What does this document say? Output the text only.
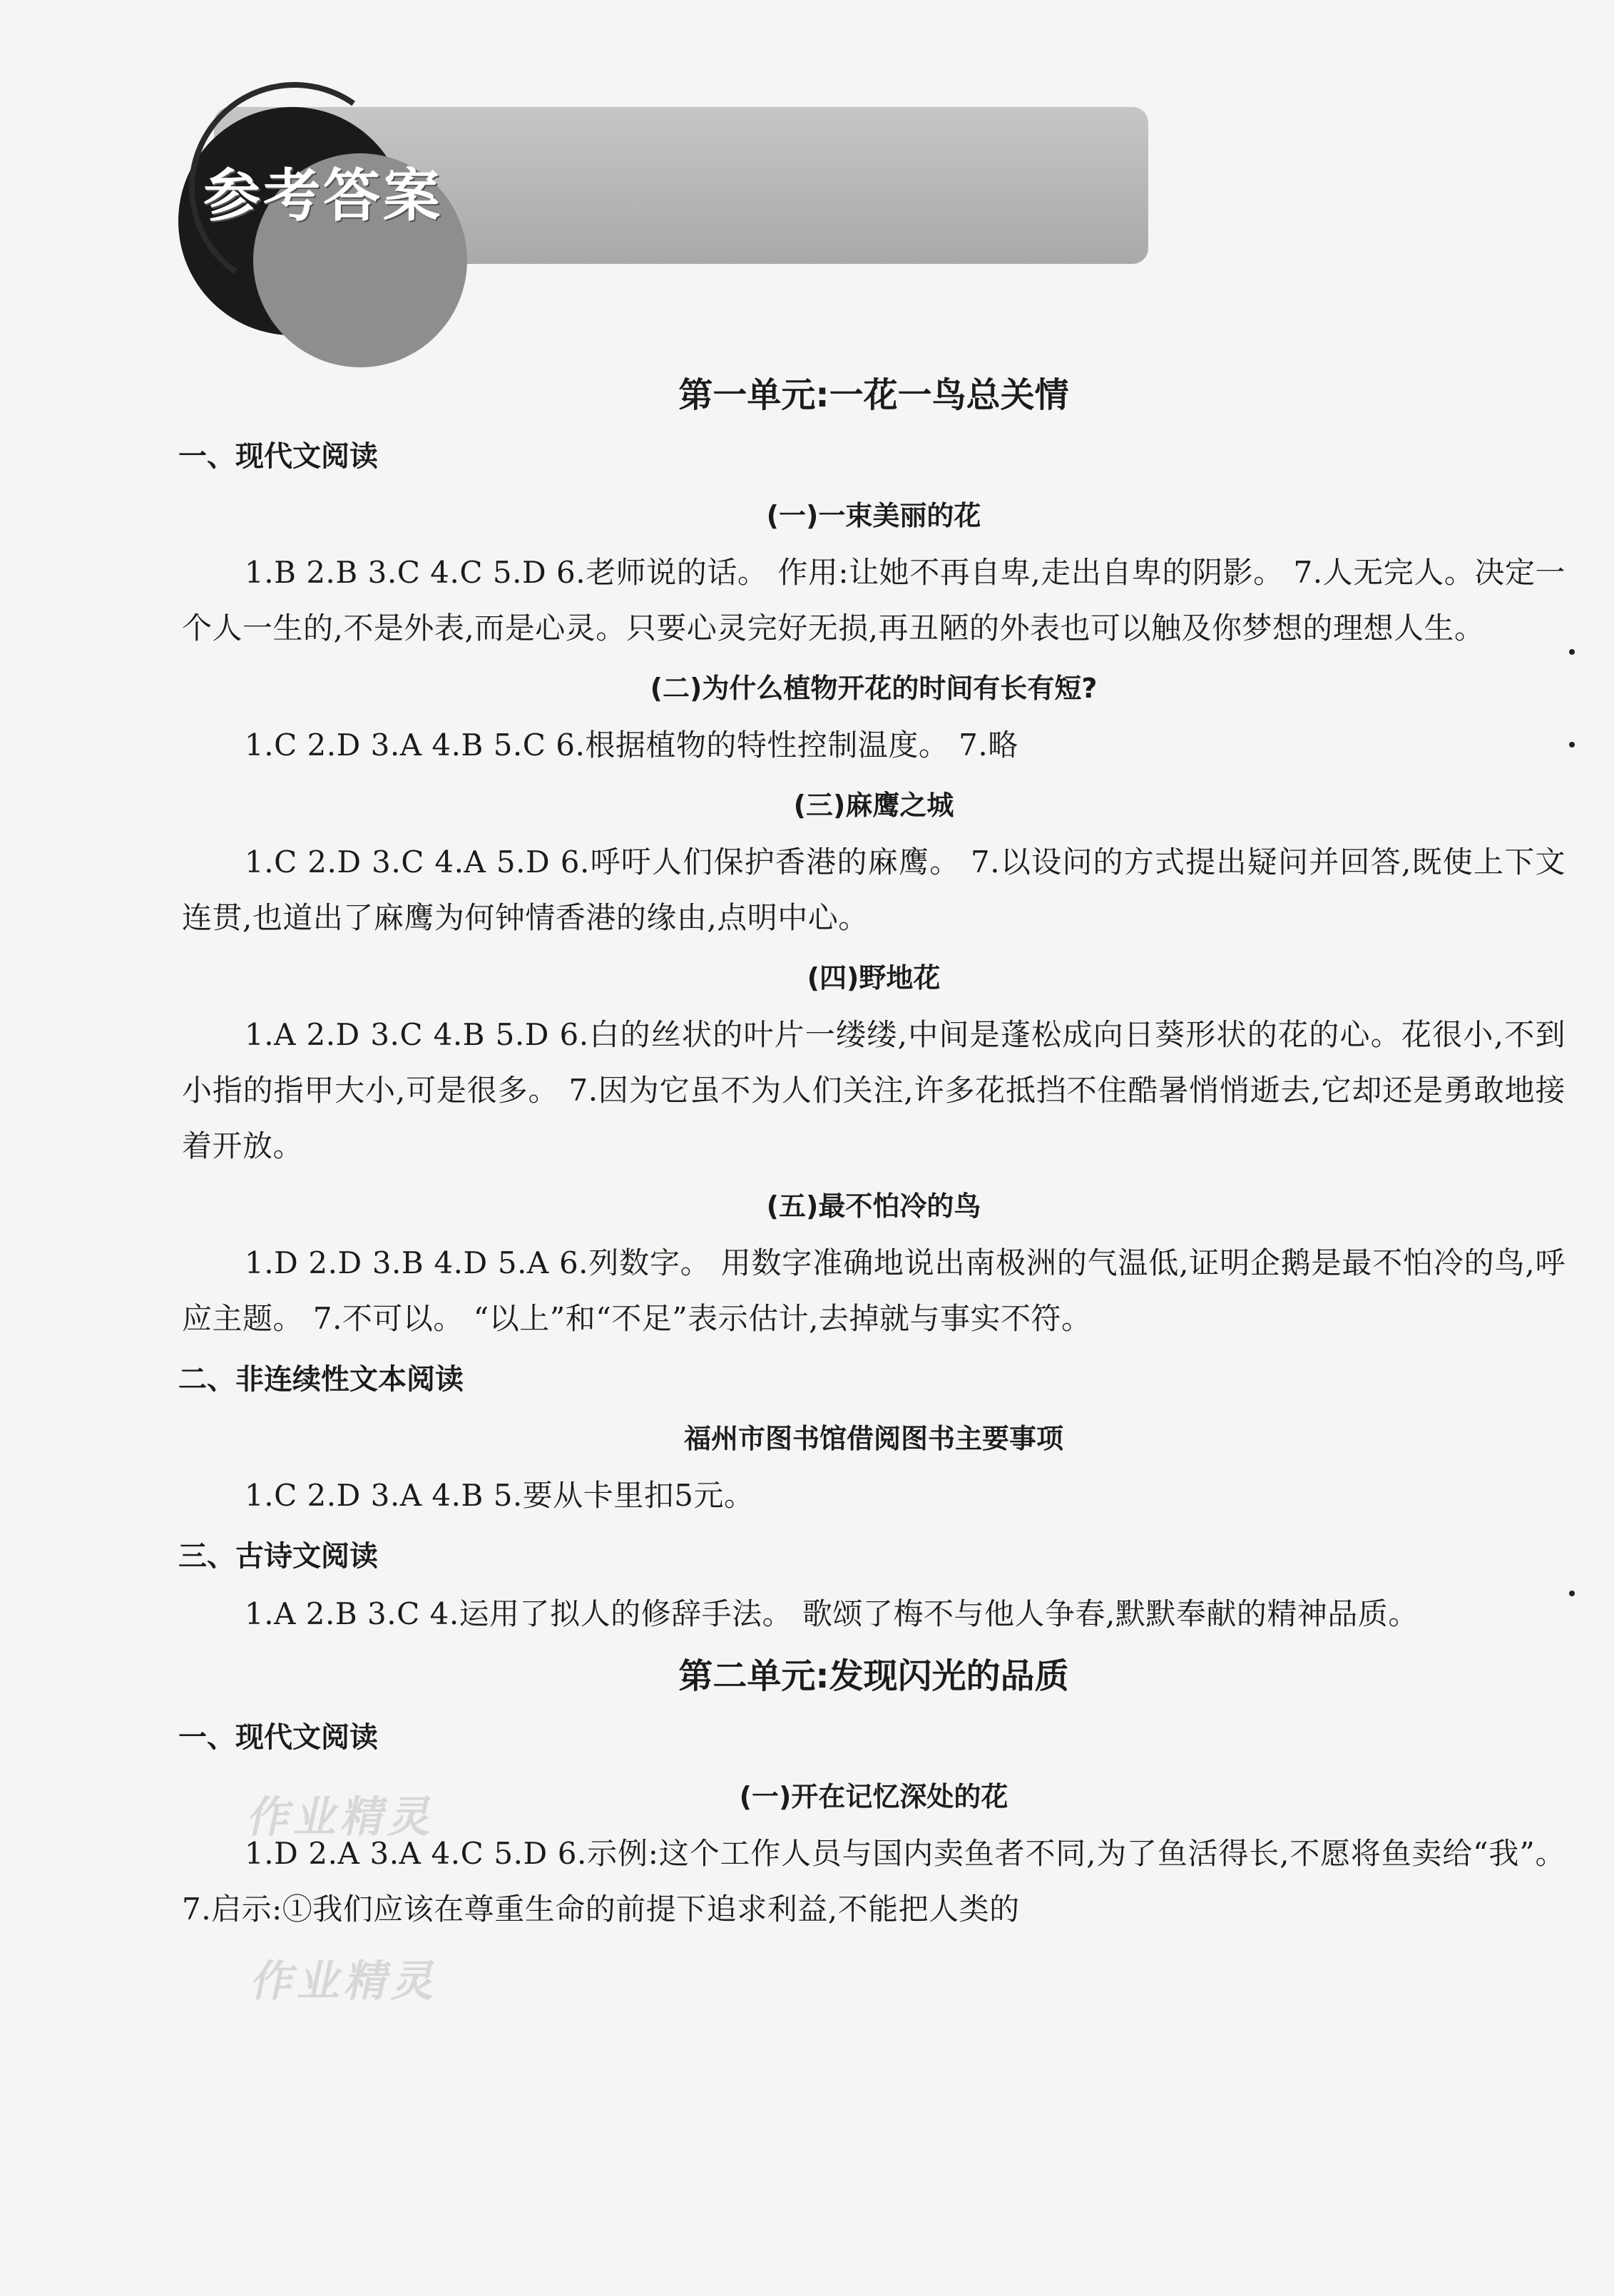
参考答案
作业精灵
作业精灵
第一单元:一花一鸟总关情
一、现代文阅读
(一)一束美丽的花

1.B 2.B 3.C 4.C 5.D 6.老师说的话。 作用:让她不再自卑,走出自卑的阴影。 7.人无完人。决定一个人一生的,不是外表,而是心灵。只要心灵完好无损,再丑陋的外表也可以触及你梦想的理想人生。

(二)为什么植物开花的时间有长有短?

1.C 2.D 3.A 4.B 5.C 6.根据植物的特性控制温度。 7.略

(三)麻鹰之城

1.C 2.D 3.C 4.A 5.D 6.呼吁人们保护香港的麻鹰。 7.以设问的方式提出疑问并回答,既使上下文连贯,也道出了麻鹰为何钟情香港的缘由,点明中心。

(四)野地花

1.A 2.D 3.C 4.B 5.D 6.白的丝状的叶片一缕缕,中间是蓬松成向日葵形状的花的心。花很小,不到小指的指甲大小,可是很多。 7.因为它虽不为人们关注,许多花抵挡不住酷暑悄悄逝去,它却还是勇敢地接着开放。

(五)最不怕冷的鸟

1.D 2.D 3.B 4.D 5.A 6.列数字。 用数字准确地说出南极洲的气温低,证明企鹅是最不怕冷的鸟,呼应主题。 7.不可以。 “以上”和“不足”表示估计,去掉就与事实不符。

二、非连续性文本阅读
福州市图书馆借阅图书主要事项

1.C 2.D 3.A 4.B 5.要从卡里扣5元。

三、古诗文阅读

1.A 2.B 3.C 4.运用了拟人的修辞手法。 歌颂了梅不与他人争春,默默奉献的精神品质。

第二单元:发现闪光的品质
一、现代文阅读
(一)开在记忆深处的花

1.D 2.A 3.A 4.C 5.D 6.示例:这个工作人员与国内卖鱼者不同,为了鱼活得长,不愿将鱼卖给“我”。 7.启示:①我们应该在尊重生命的前提下追求利益,不能把人类的
